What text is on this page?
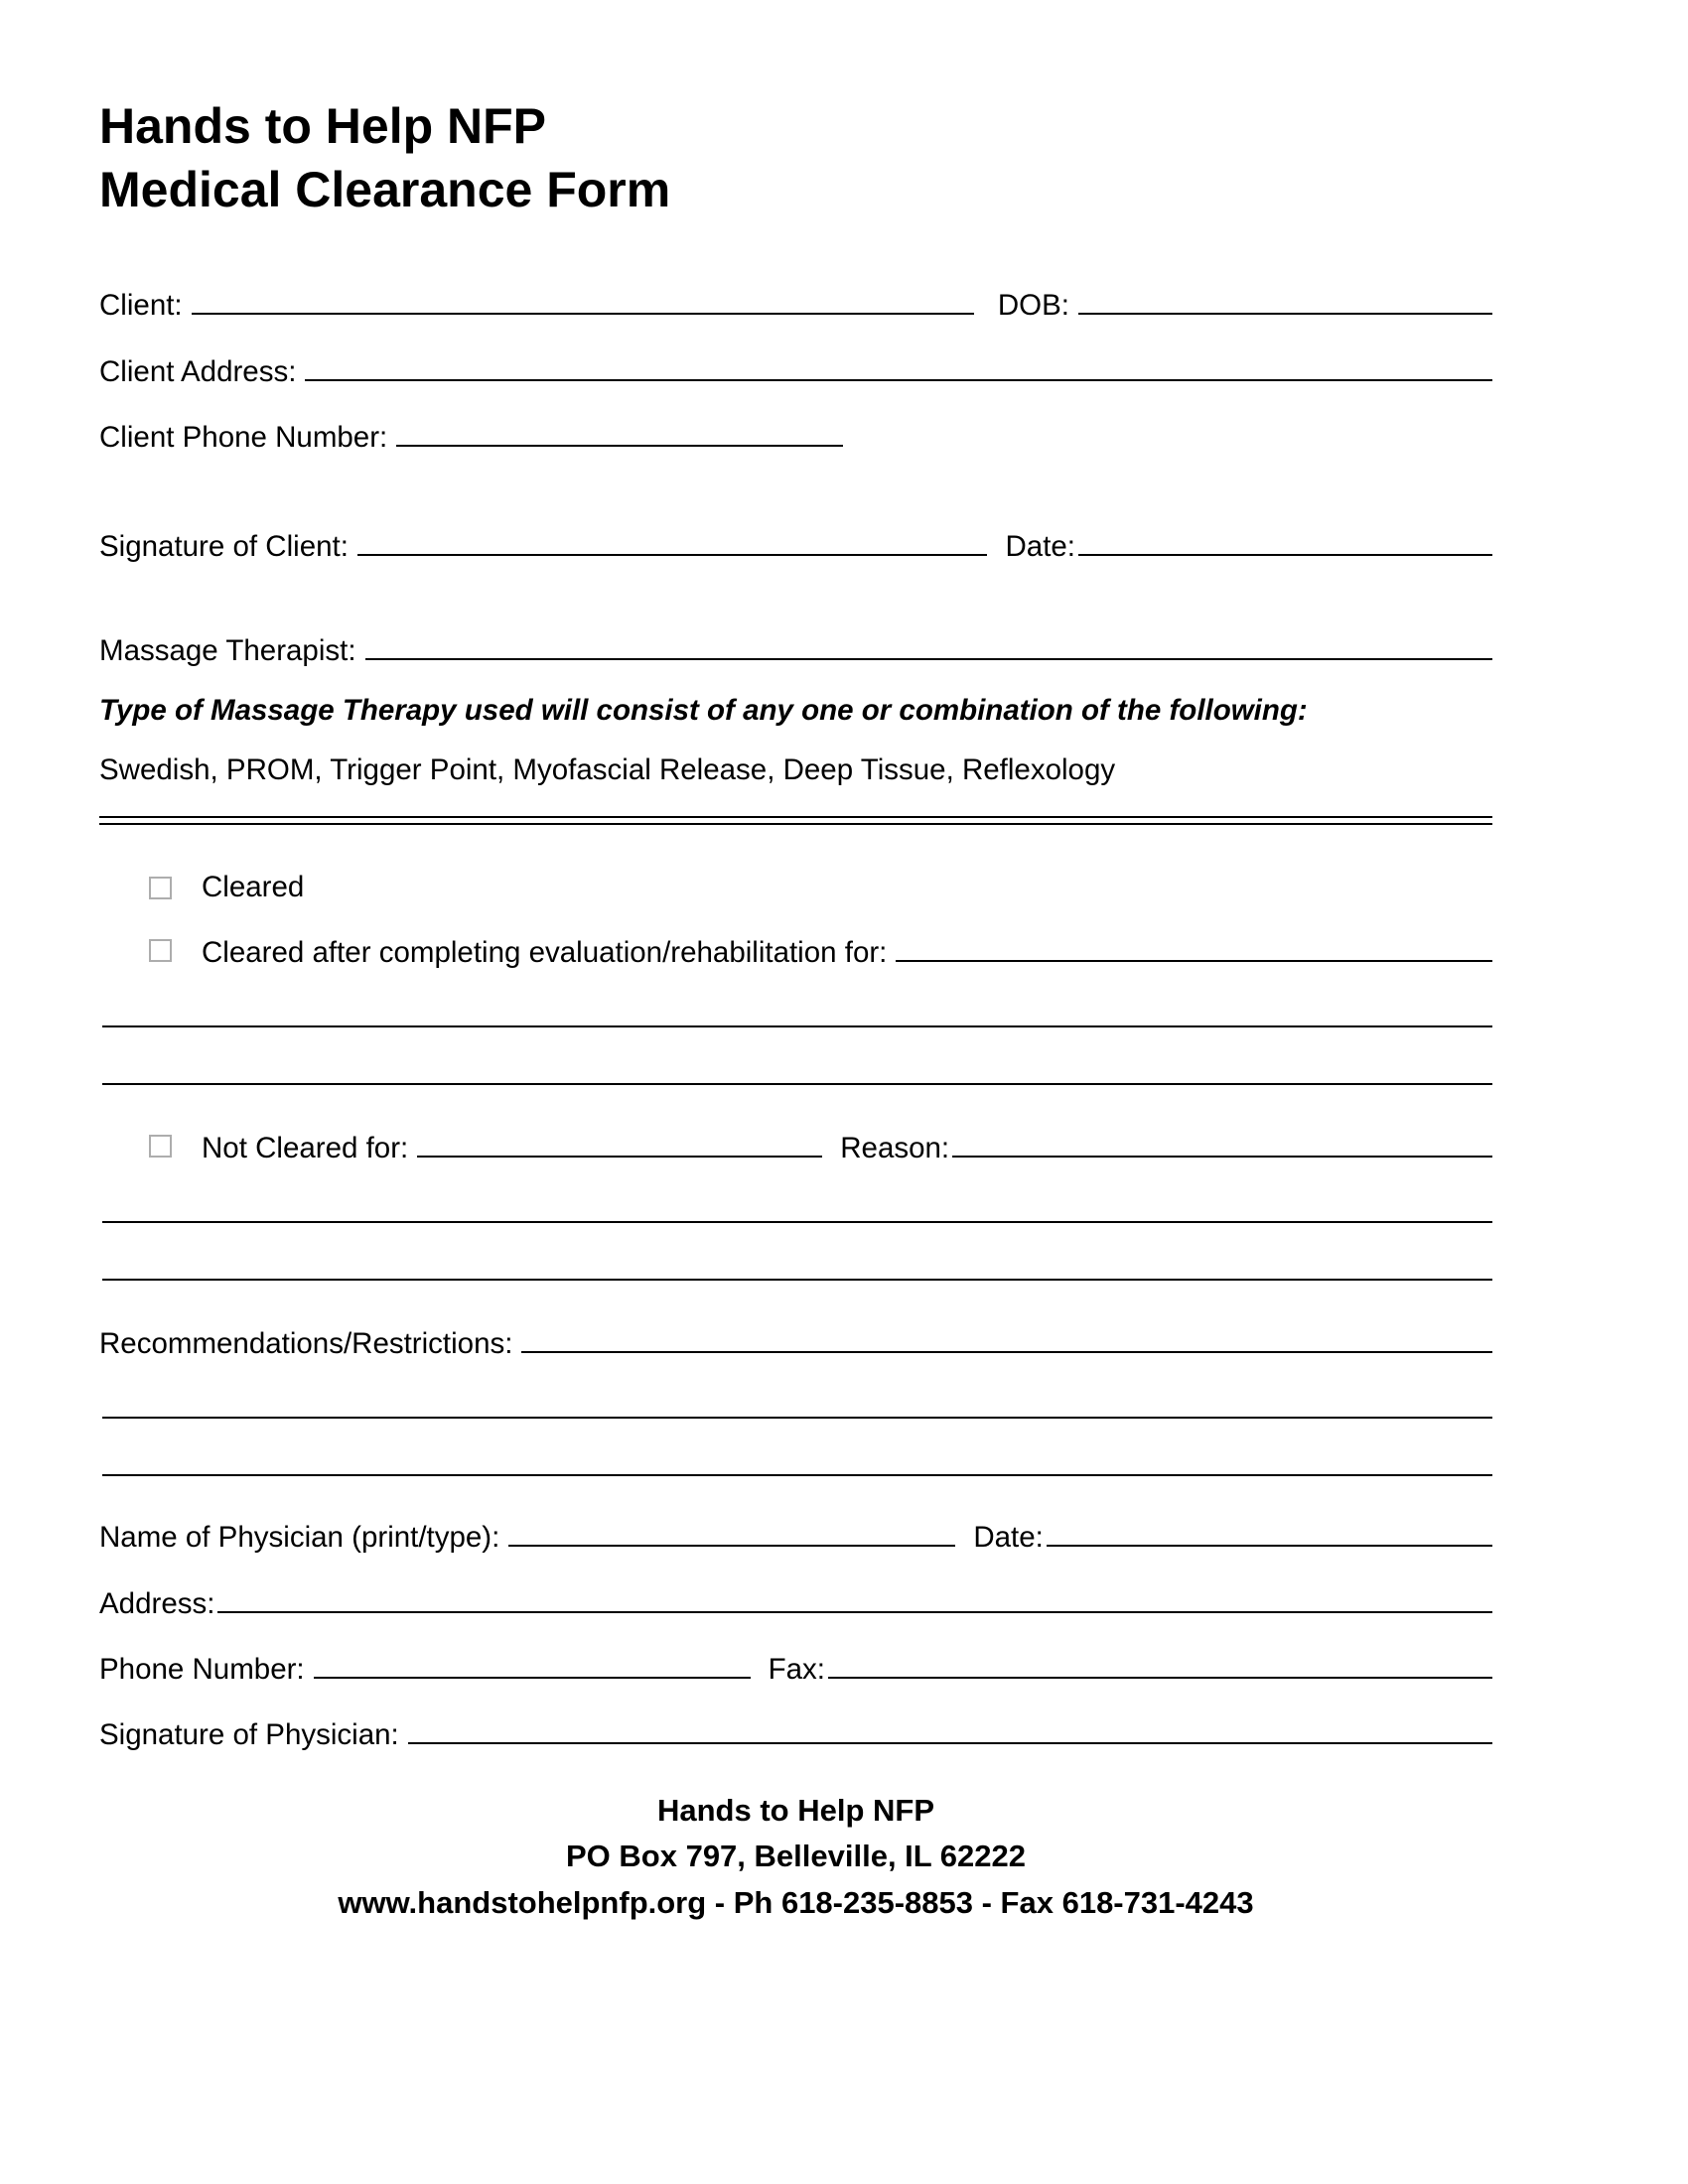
Hands to Help NFP
Medical Clearance Form
Client:	DOB:
Client Address:
Client Phone Number:
Signature of Client:	Date:
Massage Therapist:
Type of Massage Therapy used will consist of any one or combination of the following:
Swedish, PROM, Trigger Point, Myofascial Release, Deep Tissue, Reflexology
Cleared
Cleared after completing evaluation/rehabilitation for:
Not Cleared for:	Reason:
Recommendations/Restrictions:
Name of Physician (print/type):	Date:
Address:
Phone Number:	Fax:
Signature of Physician:
Hands to Help NFP
PO Box 797, Belleville, IL 62222
www.handstohelpnfp.org - Ph 618-235-8853 - Fax 618-731-4243
